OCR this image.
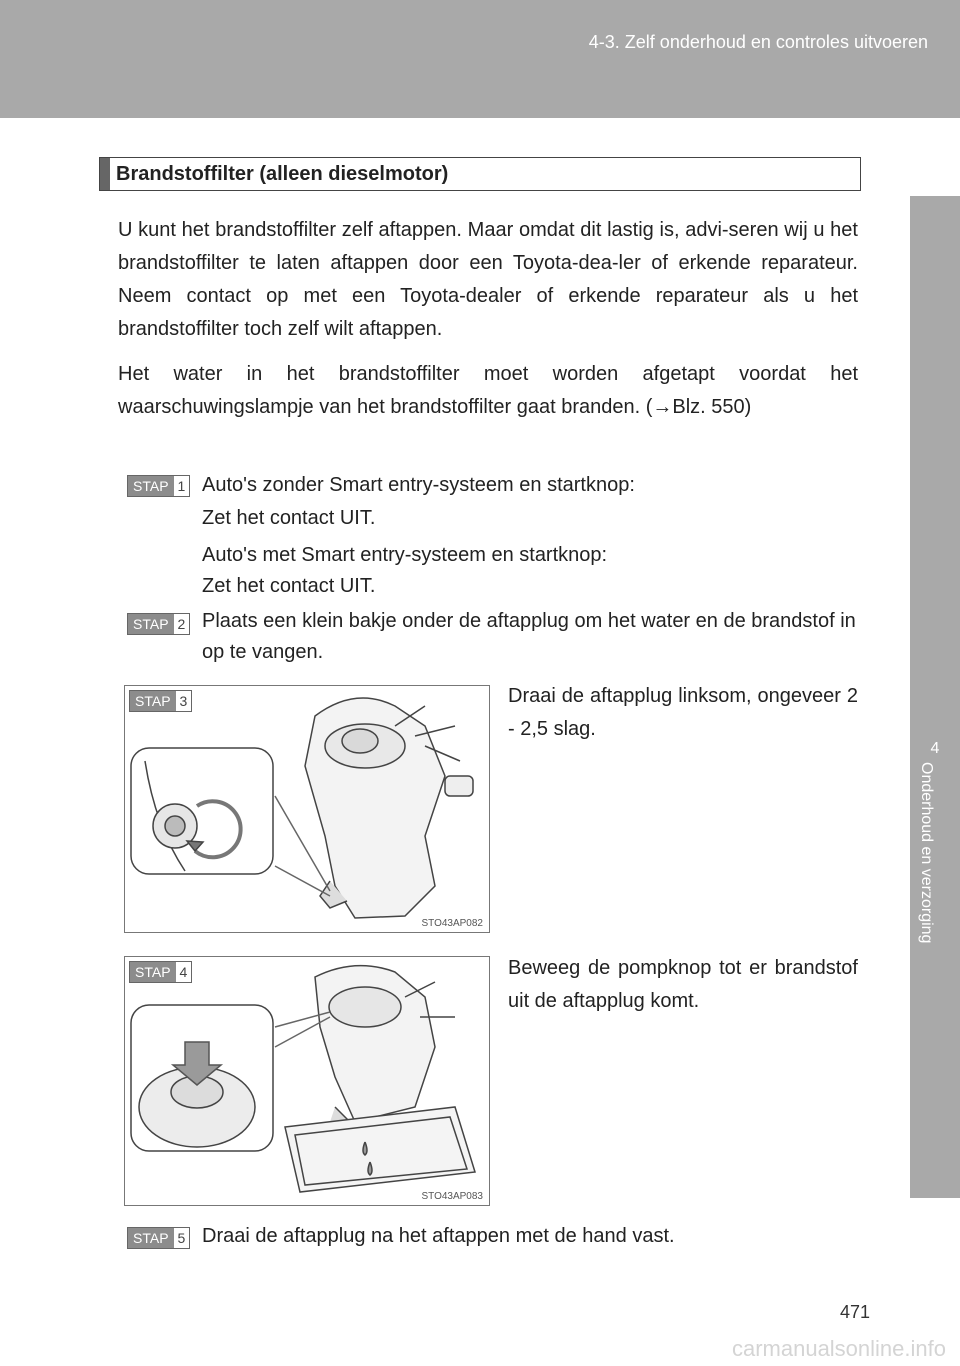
4-3. Zelf onderhoud en controles uitvoeren
4
Onderhoud en verzorging
Brandstoffilter (alleen dieselmotor)

U kunt het brandstoffilter zelf aftappen. Maar omdat dit lastig is, advi-seren wij u het brandstoffilter te laten aftappen door een Toyota-dea-ler of erkende reparateur. Neem contact op met een Toyota-dealer of erkende reparateur als u het brandstoffilter toch zelf wilt aftappen.

Het water in het brandstoffilter moet worden afgetapt voordat het waarschuwingslampje van het brandstoffilter gaat branden. (→Blz. 550)

STAP 1 Auto's zonder Smart entry-systeem en startknop:

Zet het contact UIT.

Auto's met Smart entry-systeem en startknop:

Zet het contact UIT.

STAP 2 Plaats een klein bakje onder de aftapplug om het water en de brandstof in op te vangen.

STAP 3
STO43AP082

Draai de aftapplug linksom, ongeveer 2 - 2,5 slag.

STAP 4
STO43AP083

Beweeg de pompknop tot er brandstof uit de aftapplug komt.

STAP 5 Draai de aftapplug na het aftappen met de hand vast.

471
carmanualsonline.info
